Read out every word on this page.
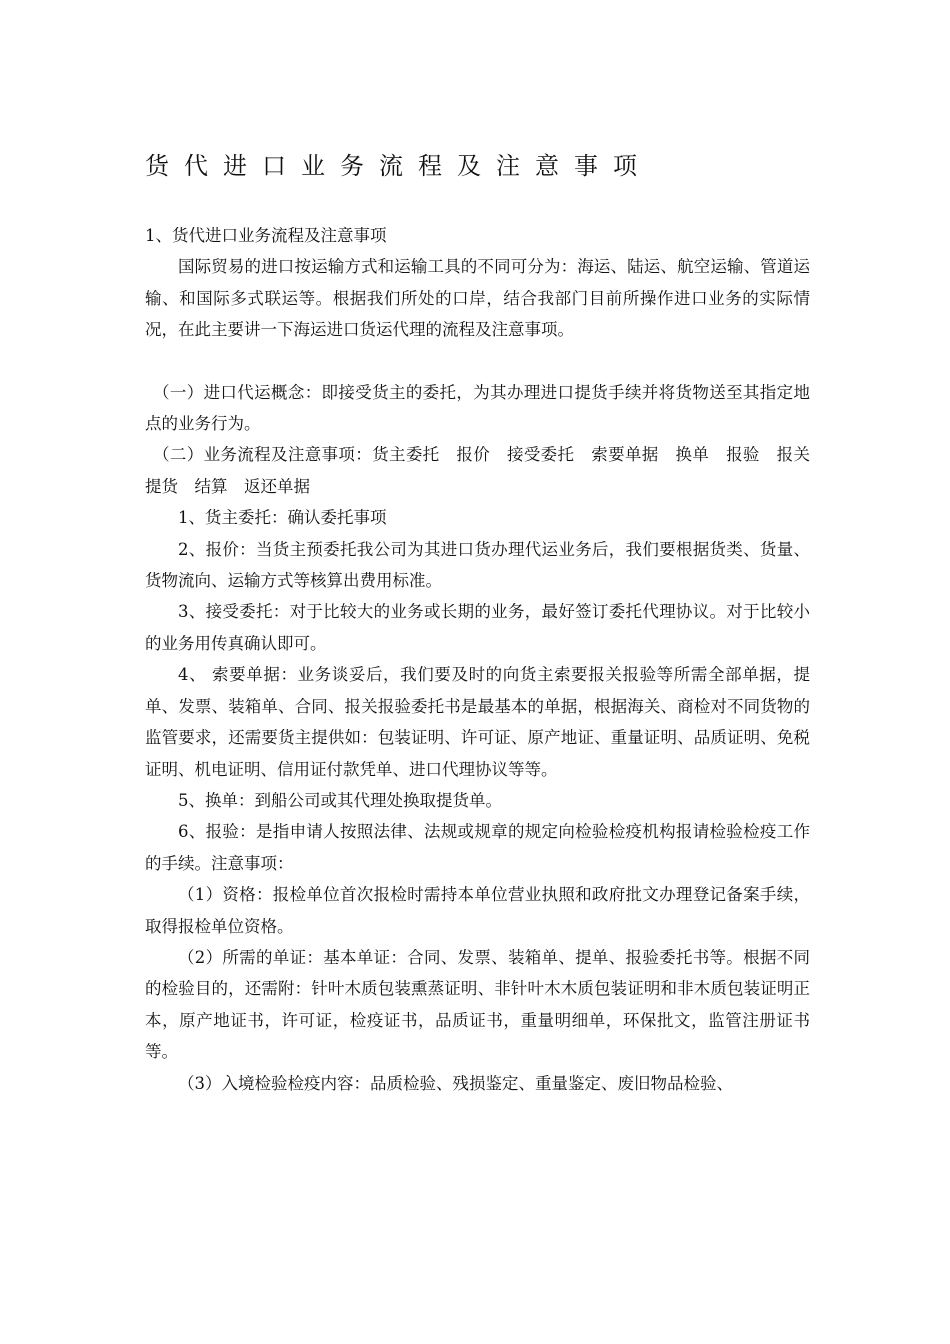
货代进口业务流程及注意事项

1、货代进口业务流程及注意事项

国际贸易的进口按运输方式和运输工具的不同可分为：海运、陆运、航空运输、管道运输、和国际多式联运等。根据我们所处的口岸，结合我部门目前所操作进口业务的实际情况，在此主要讲一下海运进口货运代理的流程及注意事项。

（一）进口代运概念：即接受货主的委托，为其办理进口提货手续并将货物送至其指定地点的业务行为。

（二）业务流程及注意事项：货主委托　报价　接受委托　索要单据　换单　报验　报关　提货　结算　返还单据

1、货主委托：确认委托事项

2、报价：当货主预委托我公司为其进口货办理代运业务后，我们要根据货类、货量、货物流向、运输方式等核算出费用标准。

3、接受委托：对于比较大的业务或长期的业务，最好签订委托代理协议。对于比较小的业务用传真确认即可。

4、 索要单据：业务谈妥后，我们要及时的向货主索要报关报验等所需全部单据，提单、发票、装箱单、合同、报关报验委托书是最基本的单据，根据海关、商检对不同货物的监管要求，还需要货主提供如：包装证明、许可证、原产地证、重量证明、品质证明、免税证明、机电证明、信用证付款凭单、进口代理协议等等。

5、换单：到船公司或其代理处换取提货单。

6、报验：是指申请人按照法律、法规或规章的规定向检验检疫机构报请检验检疫工作的手续。注意事项：

（1）资格：报检单位首次报检时需持本单位营业执照和政府批文办理登记备案手续，取得报检单位资格。

（2）所需的单证：基本单证：合同、发票、装箱单、提单、报验委托书等。根据不同的检验目的，还需附：针叶木质包装熏蒸证明、非针叶木木质包装证明和非木质包装证明正本，原产地证书，许可证，检疫证书，品质证书，重量明细单，环保批文，监管注册证书等。

（3）入境检验检疫内容：品质检验、残损鉴定、重量鉴定、废旧物品检验、
